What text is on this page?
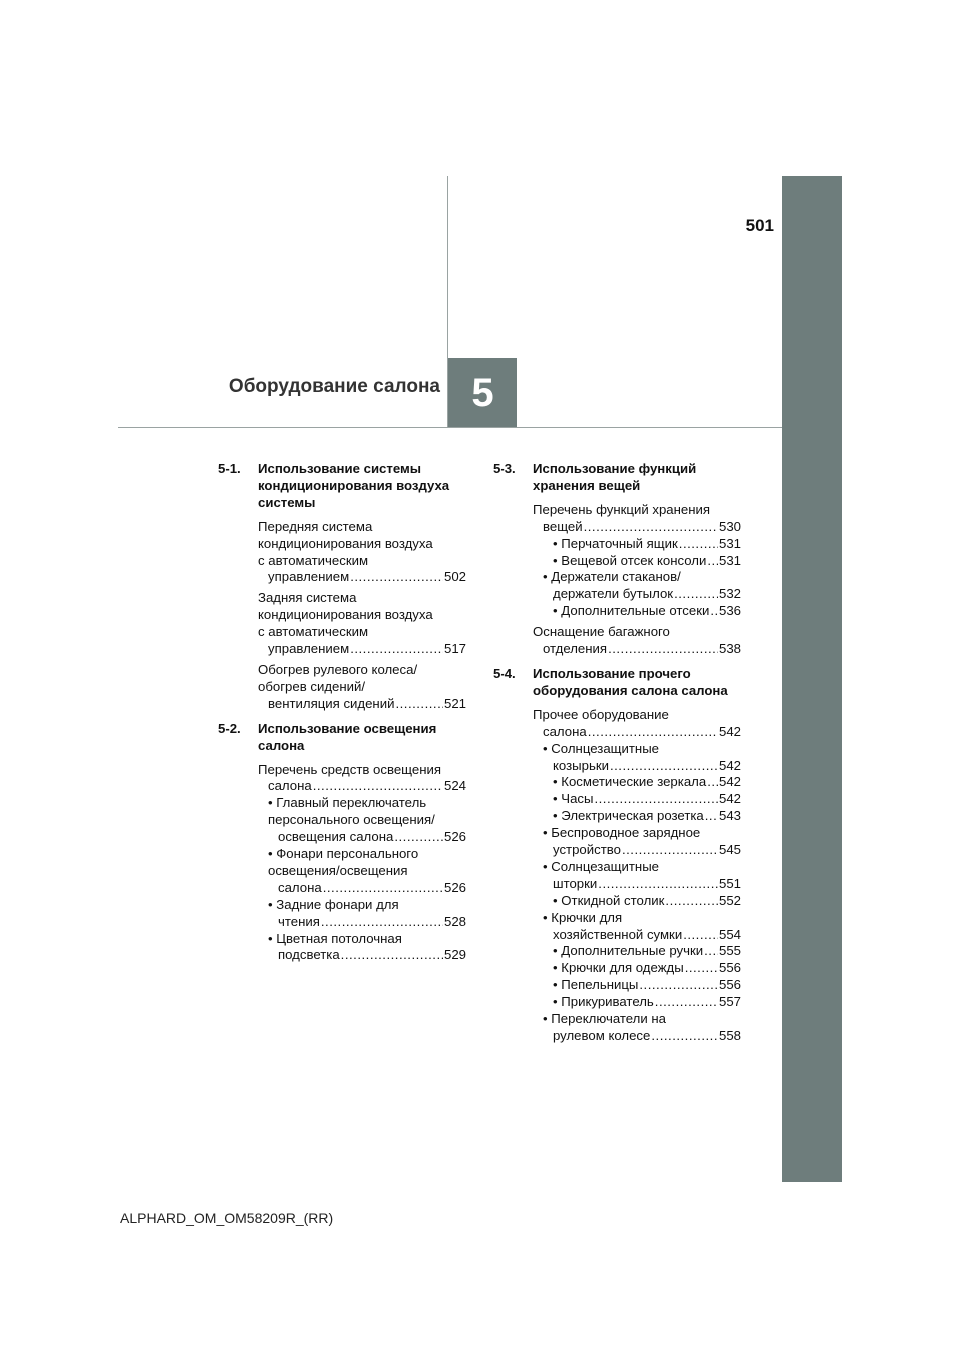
501
5
Оборудование салона
5-1. Использование системы
кондиционирования воздуха
системы
Передняя система
кондиционирования воздуха
с автоматическим
управлением .....	502
Задняя система
кондиционирования воздуха
с автоматическим
управлением .....	517
Обогрев рулевого колеса/
обогрев сидений/
вентиляция сидений .....	521
5-2. Использование освещения
салона
Перечень средств освещения
салона .....	524
• Главный переключатель
персонального освещения/
освещения салона .....	526
• Фонари персонального
освещения/освещения
салона .....	526
• Задние фонари для
чтения .....	528
• Цветная потолочная
подсветка .....	529
5-3. Использование функций
хранения вещей
Перечень функций хранения
вещей .....	530
• Перчаточный ящик .....	531
• Вещевой отсек консоли ..... 531
• Держатели стаканов/
держатели бутылок .....	532
• Дополнительные отсеки ..... 536
Оснащение багажного
отделения .....	538
5-4. Использование прочего
оборудования салона салона
Прочее оборудование
салона .....	542
• Солнцезащитные
козырьки .....	542
• Косметические зеркала ..... 542
• Часы .....	542
• Электрическая розетка ..... 543
• Беспроводное зарядное
устройство .....	545
• Солнцезащитные
шторки .....	551
• Откидной столик .....	552
• Крючки для
хозяйственной сумки .....	554
• Дополнительные ручки ..... 555
• Крючки для одежды .....	556
• Пепельницы .....	556
• Прикуриватель .....	557
• Переключатели на
рулевом колесе .....	558
ALPHARD_OM_OM58209R_(RR)
